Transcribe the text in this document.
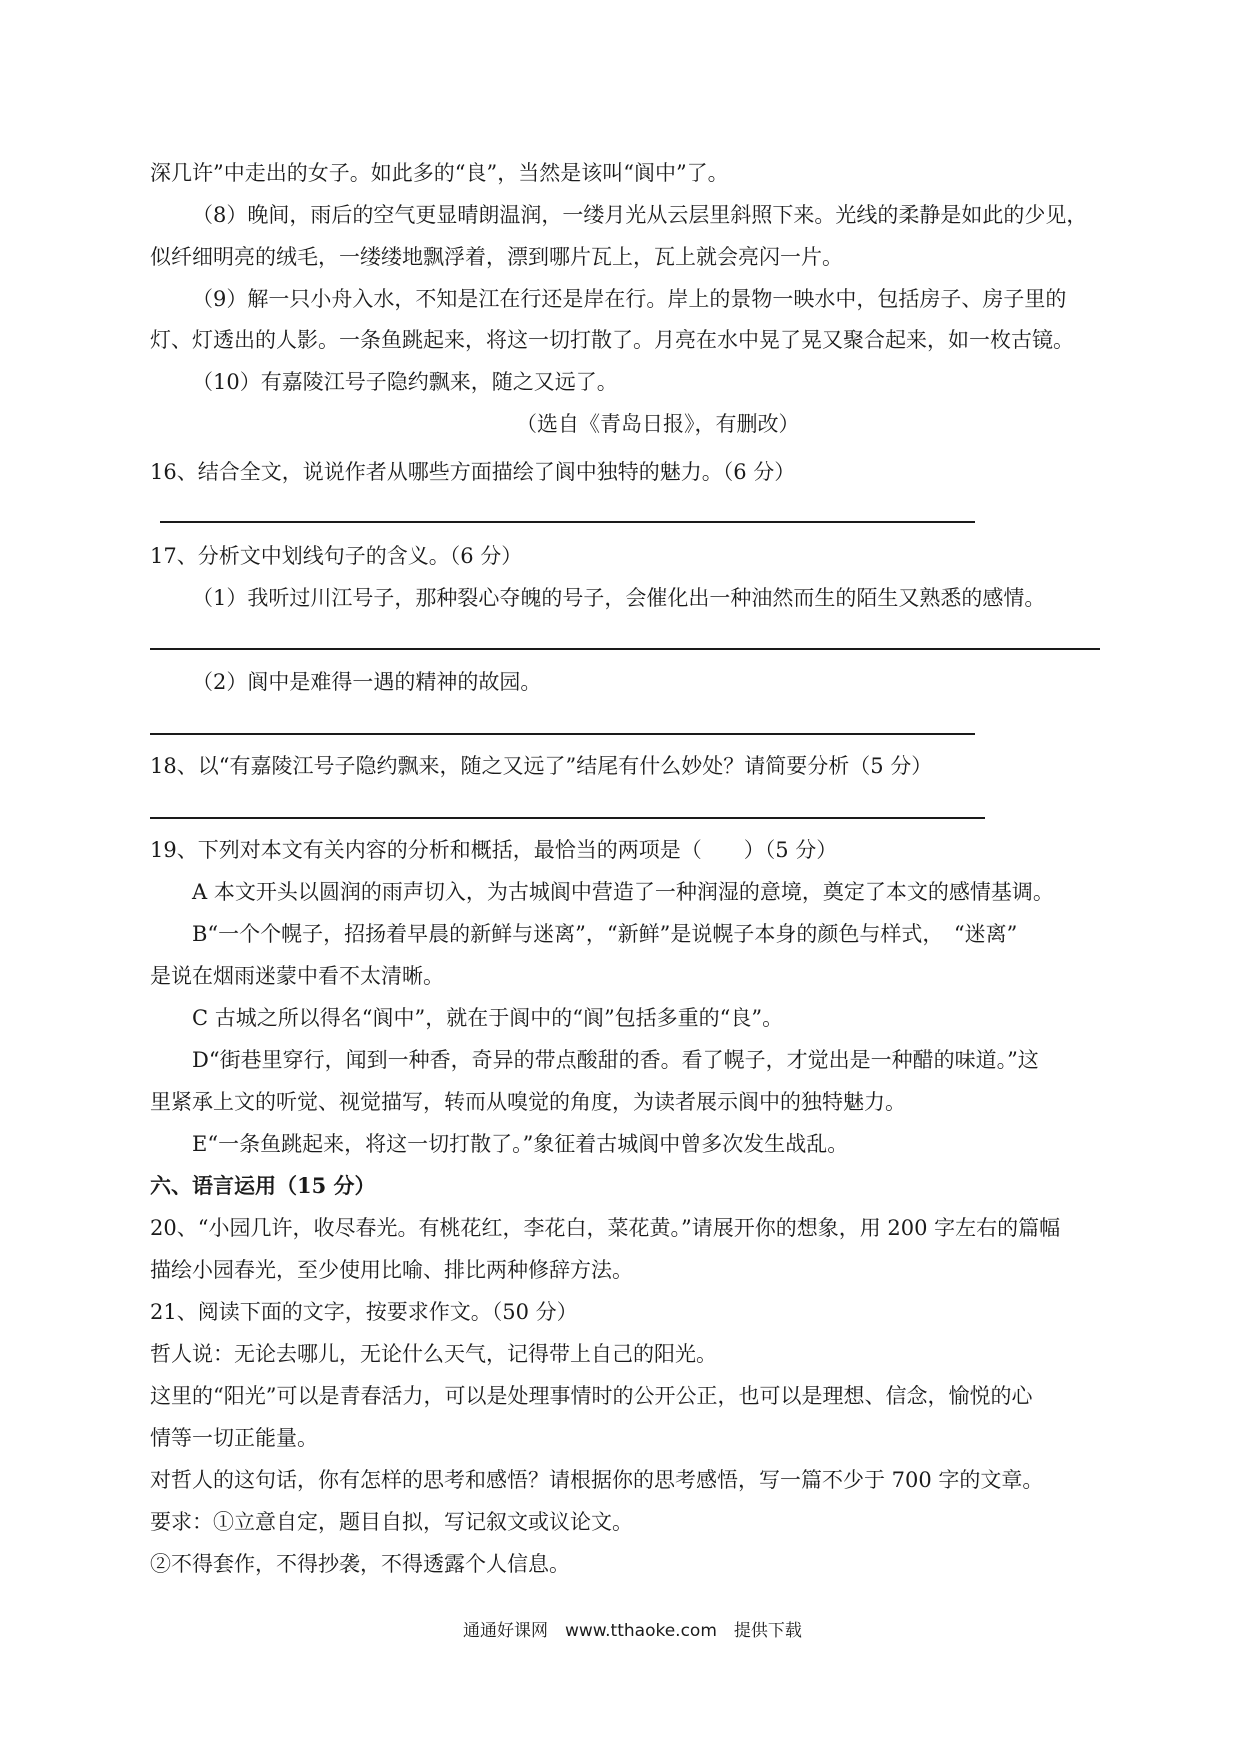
深几许”中走出的女子。如此多的“良”，当然是该叫“阆中”了。
（8）晚间，雨后的空气更显晴朗温润，一缕月光从云层里斜照下来。光线的柔静是如此的少见，
似纤细明亮的绒毛，一缕缕地飘浮着，漂到哪片瓦上，瓦上就会亮闪一片。
（9）解一只小舟入水，不知是江在行还是岸在行。岸上的景物一映水中，包括房子、房子里的
灯、灯透出的人影。一条鱼跳起来，将这一切打散了。月亮在水中晃了晃又聚合起来，如一枚古镜。
（10）有嘉陵江号子隐约飘来，随之又远了。
（选自《青岛日报》，有删改）
16、结合全文，说说作者从哪些方面描绘了阆中独特的魅力。（6 分）
17、分析文中划线句子的含义。（6 分）
（1）我听过川江号子，那种裂心夺魄的号子，会催化出一种油然而生的陌生又熟悉的感情。
（2）阆中是难得一遇的精神的故园。
18、以“有嘉陵江号子隐约飘来，随之又远了”结尾有什么妙处？请简要分析（5 分）
19、下列对本文有关内容的分析和概括，最恰当的两项是（　　）（5 分）
A 本文开头以圆润的雨声切入，为古城阆中营造了一种润湿的意境，奠定了本文的感情基调。
B“一个个幌子，招扬着早晨的新鲜与迷离”，“新鲜”是说幌子本身的颜色与样式，　“迷离”
是说在烟雨迷蒙中看不太清晰。
C 古城之所以得名“阆中”，就在于阆中的“阆”包括多重的“良”。
D“街巷里穿行，闻到一种香，奇异的带点酸甜的香。看了幌子，才觉出是一种醋的味道。”这
里紧承上文的听觉、视觉描写，转而从嗅觉的角度，为读者展示阆中的独特魅力。
E“一条鱼跳起来，将这一切打散了。”象征着古城阆中曾多次发生战乱。
六、语言运用（15 分）
20、“小园几许，收尽春光。有桃花红，李花白，菜花黄。”请展开你的想象，用 200 字左右的篇幅
描绘小园春光，至少使用比喻、排比两种修辞方法。
21、阅读下面的文字，按要求作文。（50 分）
哲人说：无论去哪儿，无论什么天气，记得带上自己的阳光。
这里的“阳光”可以是青春活力，可以是处理事情时的公开公正，也可以是理想、信念，愉悦的心
情等一切正能量。
对哲人的这句话，你有怎样的思考和感悟？请根据你的思考感悟，写一篇不少于 700 字的文章。
要求：①立意自定，题目自拟，写记叙文或议论文。
②不得套作，不得抄袭，不得透露个人信息。
通通好课网　www.tthaoke.com　提供下载
